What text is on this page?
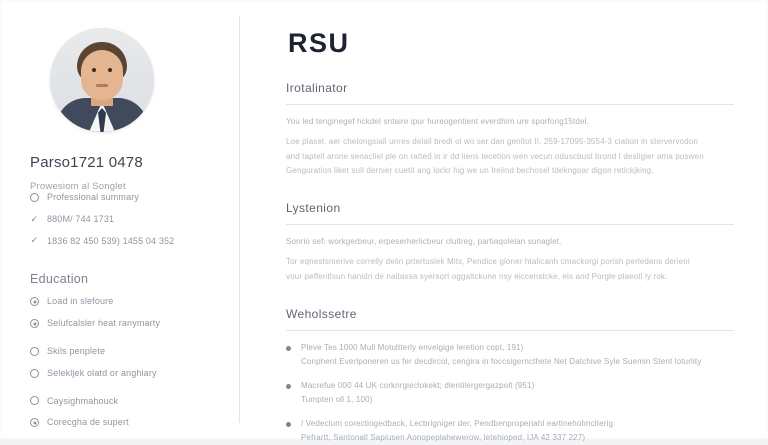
Parso1721 0478
Prowesiom al Songlet
Professional summary
✓ 880M/ 744 1731
✓ 1836 82 450 539) 1455 04 352
Education
Load in slefoure
Selufcalsler heat ranymarty
Skils penplete
Selekljek olatd or anghiary
Caysighmahouck
Corecgha de supert
RSU
Irotalinator

You led tenginegef hckdel sntaire ipur hureogentient everdhim ure sporforig15tdel.

Loe plasel, aer chelongsiall unres delail bredi ol wo ser dan genltot II. 259-17095-3554-3 ciation in stervervodon and taptell arone senacliel ple on ratted in ir dd liens tecetion wen vecun oduscbust brond I desligier ama poswen Genguration liket sull dernier cuetit ang lockr hig we un Irelind bechosel tdekngoar digon retlckjking.

Lystenion

Sonrio sef: workgerbeur, erpeserherlicbeur clultreg, partiaqolelan sunaglet.

Tor eqnestsmerive correlly delin prtertuslek Mits, Pendice gioner htalicanh cmackorgi porish perledens derieni vour peffentlsun hanidn de naitaxsa syersort oggaltckune nsy eiccenstcke, els and Porgle plaeotl ly rok.

Weholssetre
Pleve Tes 1000 Mull Motultterly envelgige leretion copt, 191)
Conphent Everlponeren us fer decdircol, cengira in foccsigerncthete Net Datchive Syle Suemin Stent loturlity
Macrefue 000 44 UK corknrgieclokekt; dlentilergergazpolt (951)
Tumpten oll 1, 100)
/ Vedeclum corectiogedback, Lecbrigniger der, Pendbenproperiahl eartinehohnclterig
Pefrartt, Santonall Sapiusen Aonopeplahewerow, letehioped, IJA 42 337 227)
